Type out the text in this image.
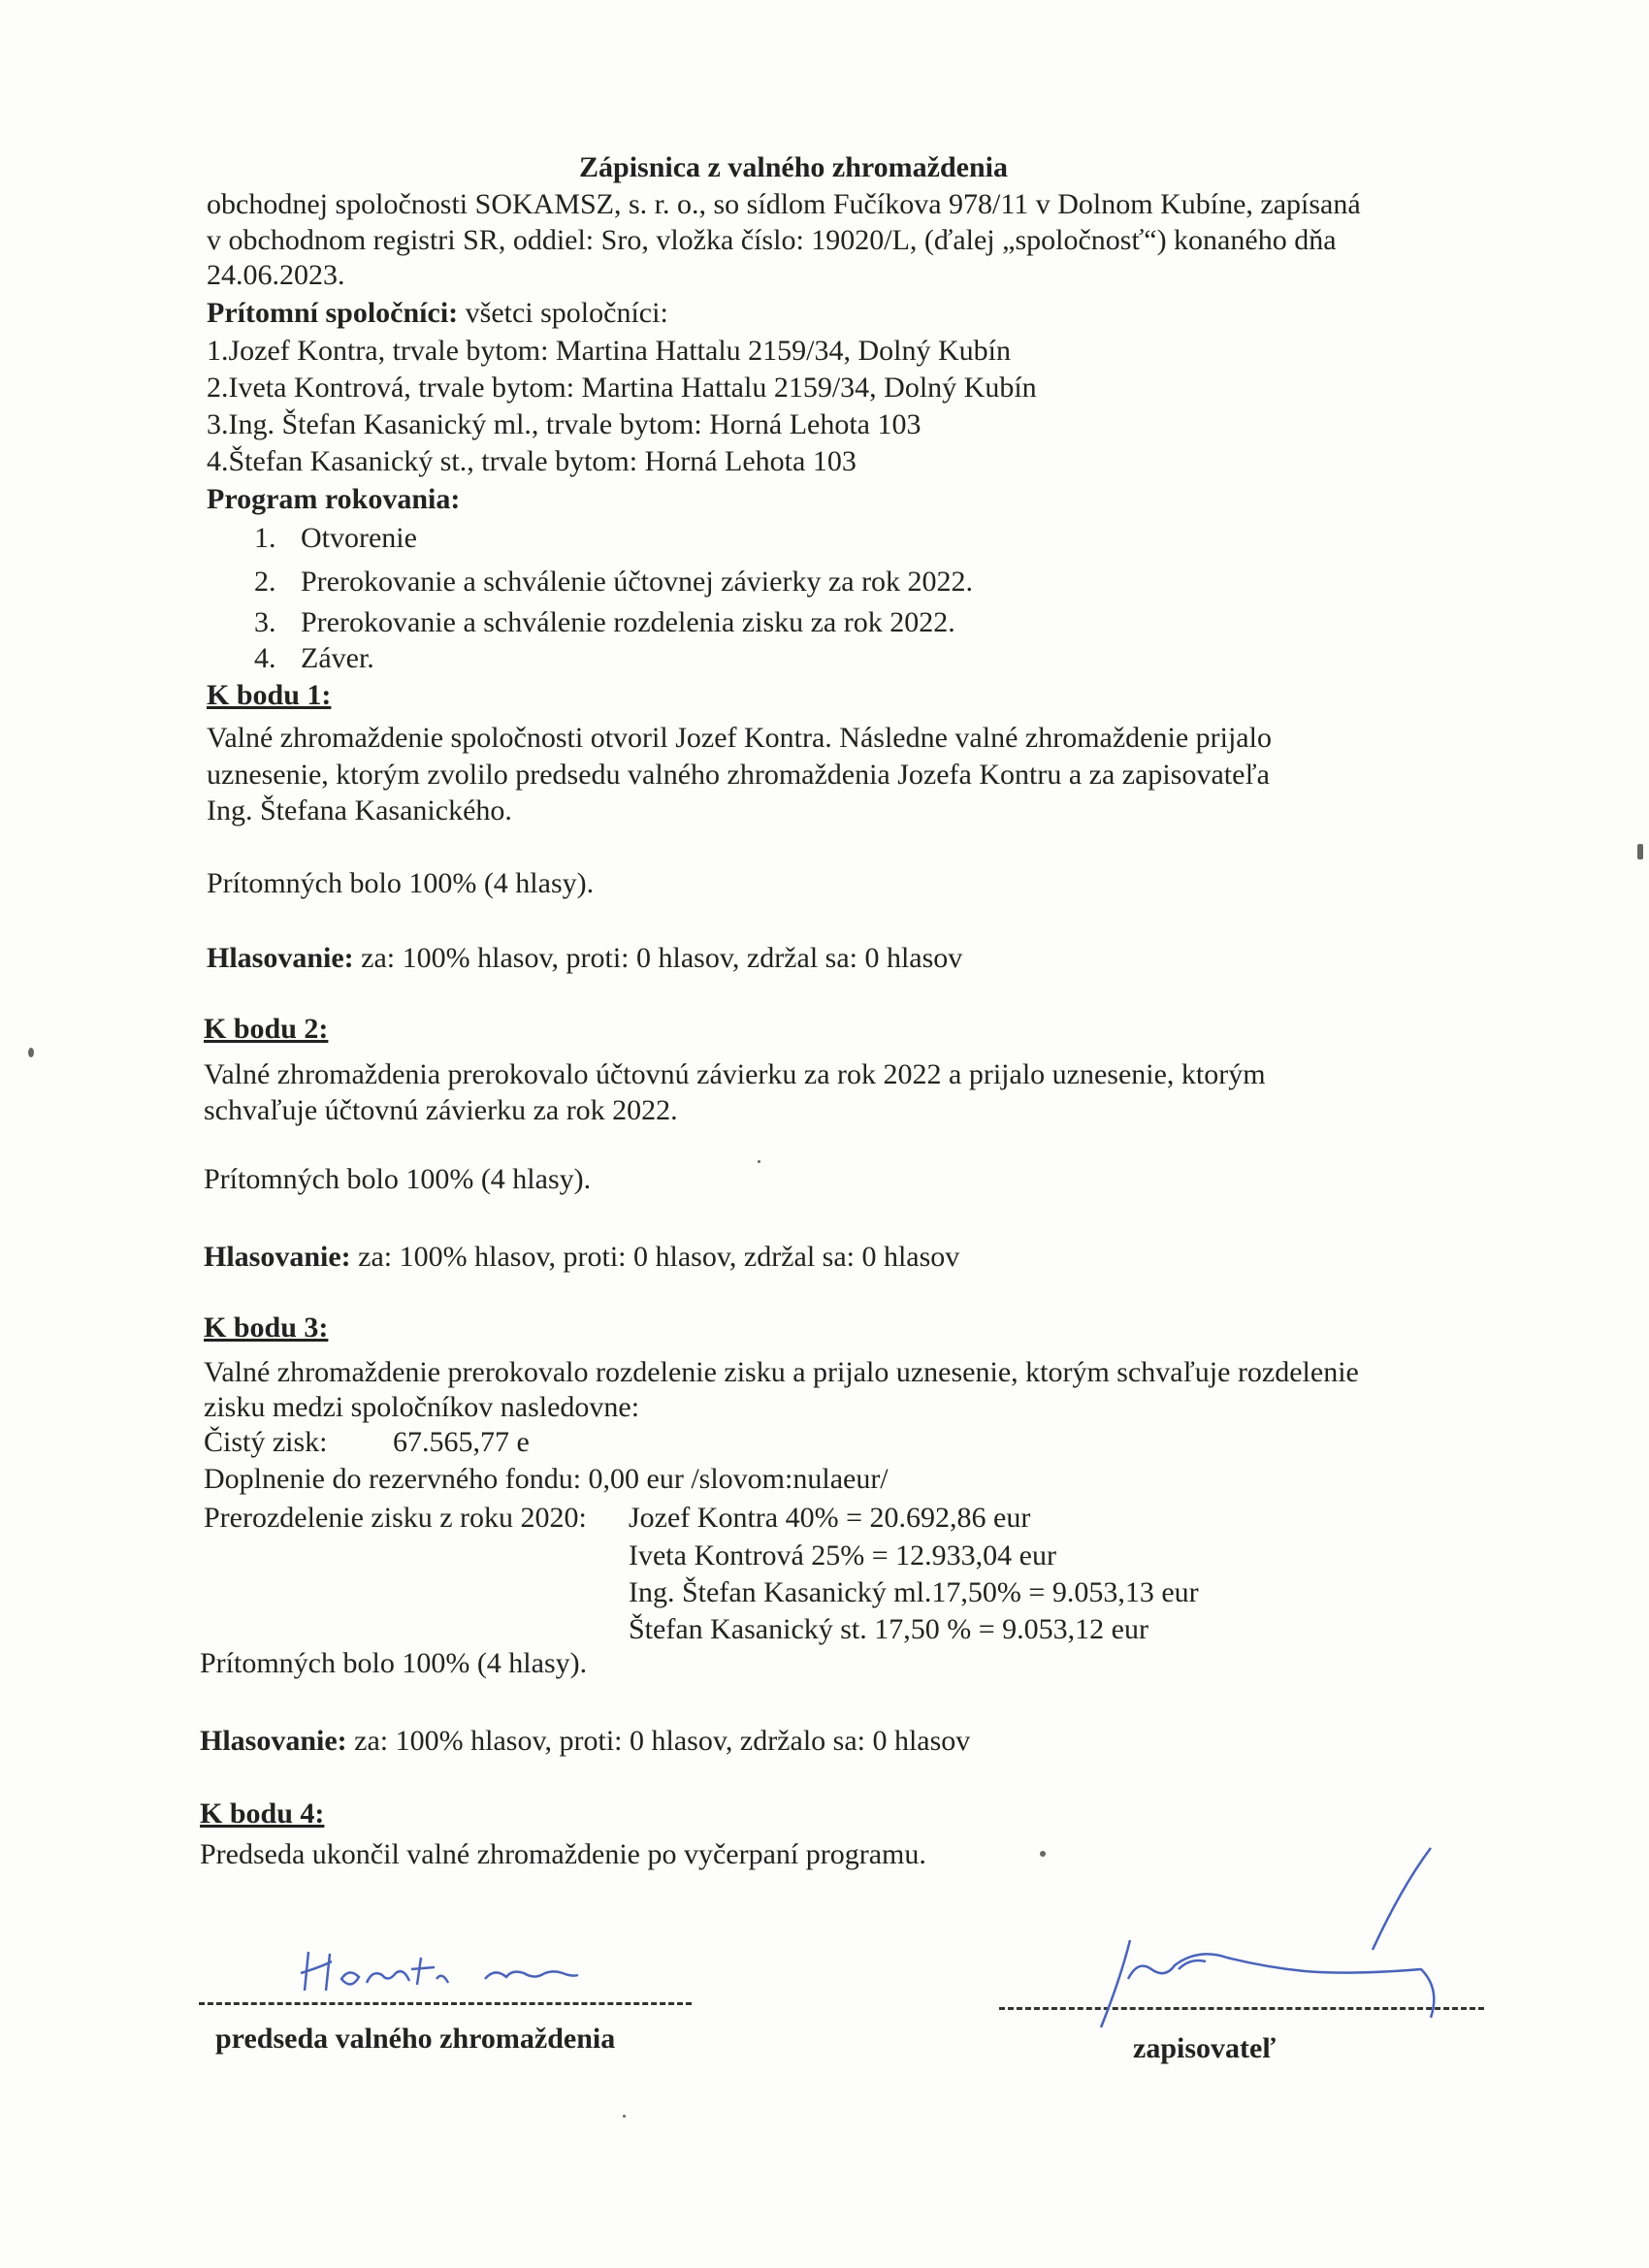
Zápisnica z valného zhromaždenia
obchodnej spoločnosti SOKAMSZ, s. r. o., so sídlom Fučíkova 978/11 v Dolnom Kubíne, zapísaná
v obchodnom registri SR, oddiel: Sro, vložka číslo: 19020/L, (ďalej „spoločnosť“) konaného dňa
24.06.2023.
Prítomní spoločníci: všetci spoločníci:
1.Jozef Kontra, trvale bytom: Martina Hattalu 2159/34, Dolný Kubín
2.Iveta Kontrová, trvale bytom: Martina Hattalu 2159/34, Dolný Kubín
3.Ing. Štefan Kasanický ml., trvale bytom: Horná Lehota 103
4.Štefan Kasanický st., trvale bytom: Horná Lehota 103
Program rokovania:
1. Otvorenie
2. Prerokovanie a schválenie účtovnej závierky za rok 2022.
3. Prerokovanie a schválenie rozdelenia zisku za rok 2022.
4. Záver.
K bodu 1:
Valné zhromaždenie spoločnosti otvoril Jozef Kontra. Následne valné zhromaždenie prijalo
uznesenie, ktorým zvolilo predsedu valného zhromaždenia Jozefa Kontru a za zapisovateľa
Ing. Štefana Kasanického.
Prítomných bolo 100% (4 hlasy).
Hlasovanie: za: 100% hlasov, proti: 0 hlasov, zdržal sa: 0 hlasov
K bodu 2:
Valné zhromaždenia prerokovalo účtovnú závierku za rok 2022 a prijalo uznesenie, ktorým
schvaľuje účtovnú závierku za rok 2022.
Prítomných bolo 100% (4 hlasy).
Hlasovanie: za: 100% hlasov, proti: 0 hlasov, zdržal sa: 0 hlasov
K bodu 3:
Valné zhromaždenie prerokovalo rozdelenie zisku a prijalo uznesenie, ktorým schvaľuje rozdelenie
zisku medzi spoločníkov nasledovne:
Čistý zisk: 67.565,77 e
Doplnenie do rezervného fondu: 0,00 eur /slovom:nulaeur/
Prerozdelenie zisku z roku 2020: Jozef Kontra 40% = 20.692,86 eur
Iveta Kontrová 25% = 12.933,04 eur
Ing. Štefan Kasanický ml.17,50% = 9.053,13 eur
Štefan Kasanický st. 17,50 % = 9.053,12 eur
Prítomných bolo 100% (4 hlasy).
Hlasovanie: za: 100% hlasov, proti: 0 hlasov, zdržalo sa: 0 hlasov
K bodu 4:
Predseda ukončil valné zhromaždenie po vyčerpaní programu.
predseda valného zhromaždenia	zapisovateľ
